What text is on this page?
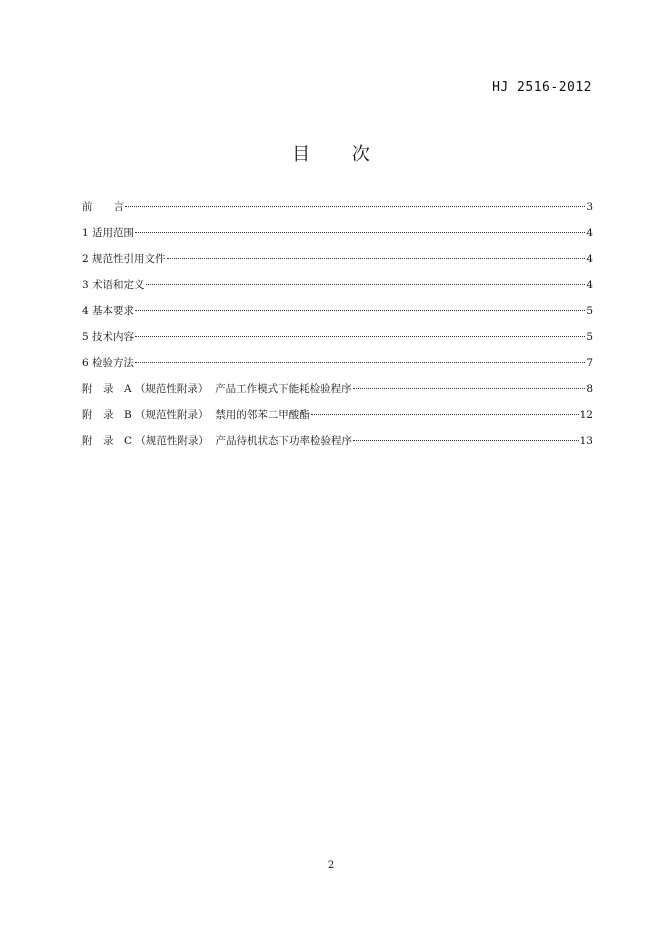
HJ 2516-2012
目 次
前　　言	3
1 适用范围	4
2 规范性引用文件	4
3 术语和定义	4
4 基本要求	5
5 技术内容	5
6 检验方法	7
附　录　A （规范性附录）  产品工作模式下能耗检验程序	8
附　录　B （规范性附录）  禁用的邻苯二甲酸酯	12
附　录　C （规范性附录）  产品待机状态下功率检验程序	13
2
